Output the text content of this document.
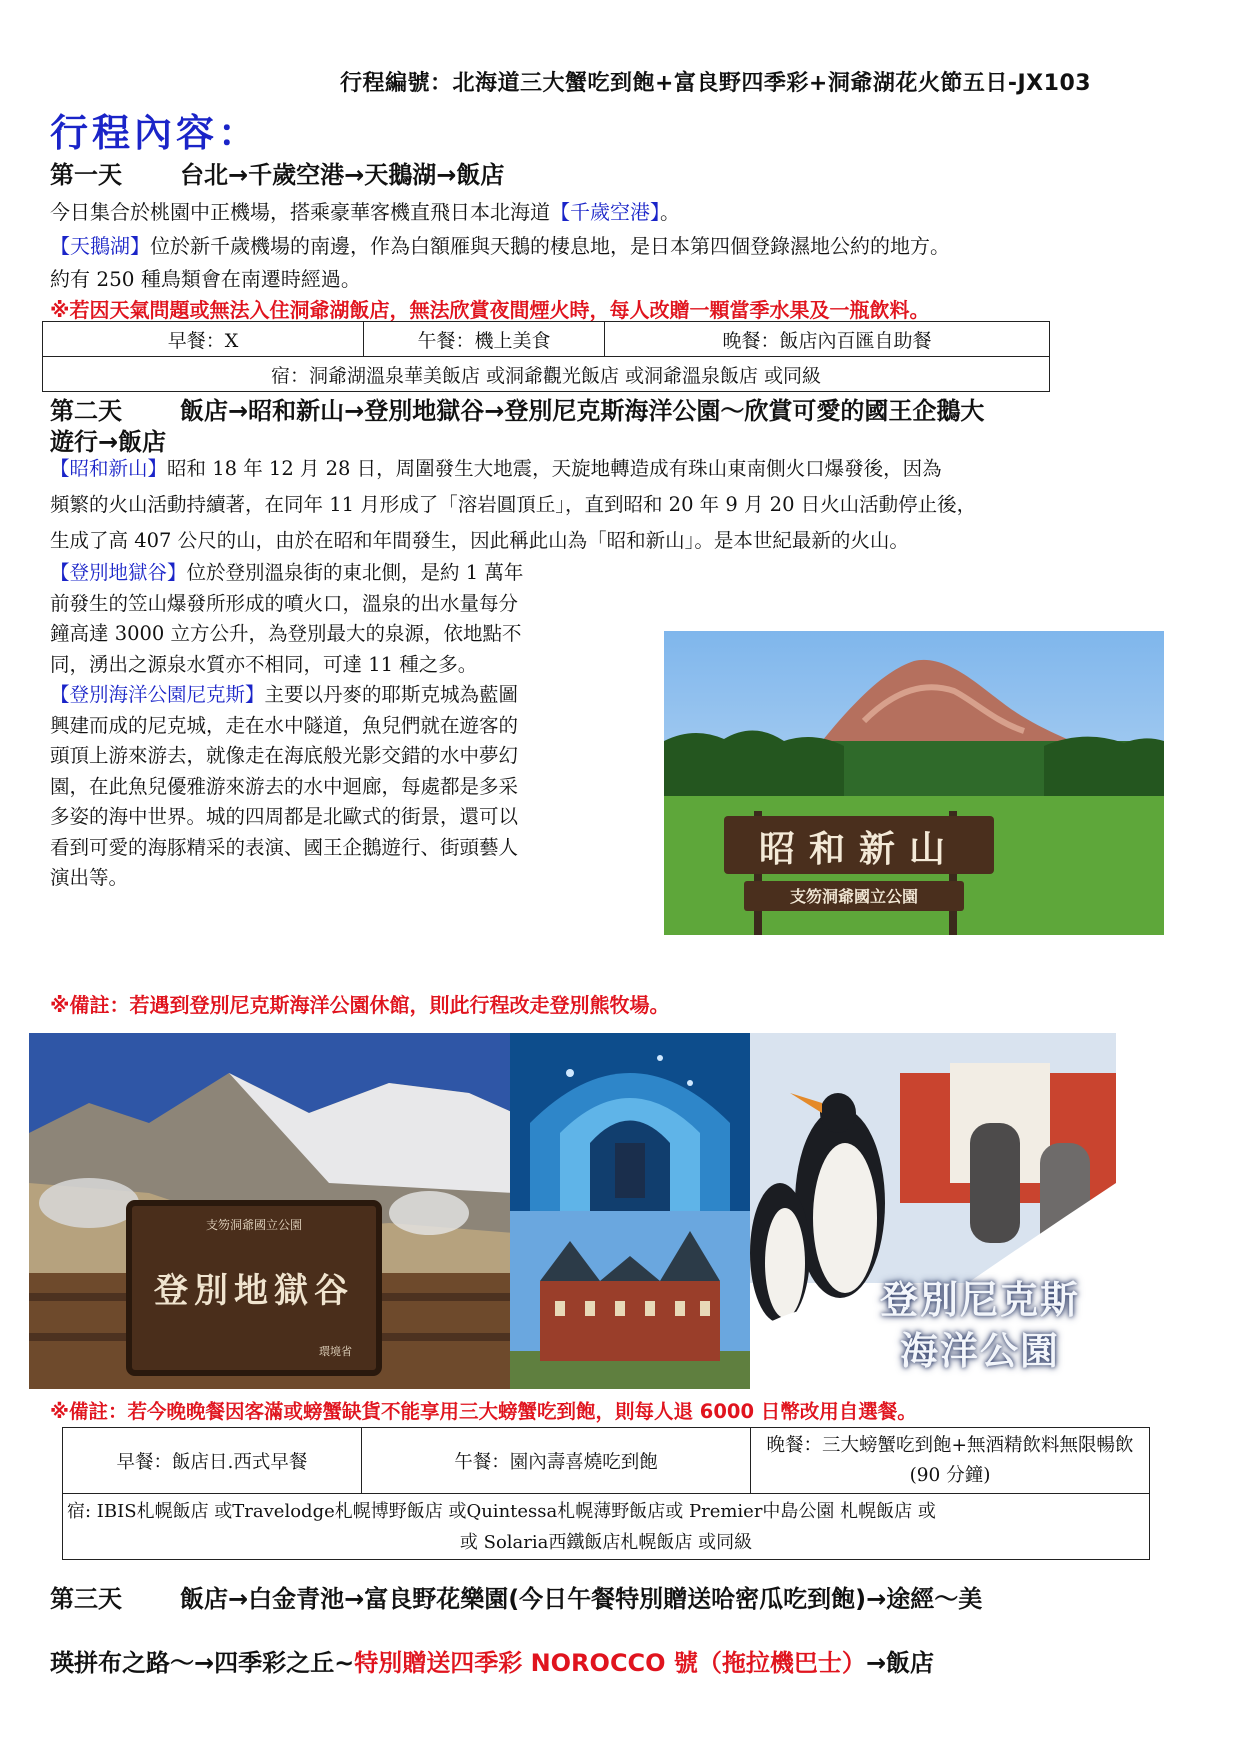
行程編號：北海道三大蟹吃到飽+富良野四季彩+洞爺湖花火節五日-JX103
行程內容：
第一天 台北→千歲空港→天鵝湖→飯店
今日集合於桃園中正機場，搭乘豪華客機直飛日本北海道【千歲空港】。
【天鵝湖】位於新千歲機場的南邊，作為白額雁與天鵝的棲息地，是日本第四個登錄濕地公約的地方。
約有 250 種鳥類會在南遷時經過。
※若因天氣問題或無法入住洞爺湖飯店，無法欣賞夜間煙火時，每人改贈一顆當季水果及一瓶飲料。
早餐：X	午餐：機上美食	晚餐：飯店內百匯自助餐
宿：洞爺湖溫泉華美飯店 或洞爺觀光飯店 或洞爺溫泉飯店 或同級
第二天 飯店→昭和新山→登別地獄谷→登別尼克斯海洋公園～欣賞可愛的國王企鵝大
遊行→飯店
【昭和新山】昭和 18 年 12 月 28 日，周圍發生大地震，天旋地轉造成有珠山東南側火口爆發後，因為
頻繁的火山活動持續著，在同年 11 月形成了「溶岩圓頂丘」，直到昭和 20 年 9 月 20 日火山活動停止後，
生成了高 407 公尺的山，由於在昭和年間發生，因此稱此山為「昭和新山」。是本世紀最新的火山。
【登別地獄谷】位於登別溫泉街的東北側，是約 1 萬年
前發生的笠山爆發所形成的噴火口，溫泉的出水量每分
鐘高達 3000 立方公升，為登別最大的泉源，依地點不
同，湧出之源泉水質亦不相同，可達 11 種之多。
【登別海洋公園尼克斯】主要以丹麥的耶斯克城為藍圖
興建而成的尼克城，走在水中隧道，魚兒們就在遊客的
頭頂上游來游去，就像走在海底般光影交錯的水中夢幻
園，在此魚兒優雅游來游去的水中迴廊，每處都是多采
多姿的海中世界。城的四周都是北歐式的街景，還可以
看到可愛的海豚精采的表演、國王企鵝遊行、街頭藝人
演出等。
昭和新山
支笏洞爺國立公園
※備註：若遇到登別尼克斯海洋公園休館，則此行程改走登別熊牧場。
支笏洞爺國立公園
登別地獄谷
環境省
登別尼克斯
海洋公園
※備註：若今晚晚餐因客滿或螃蟹缺貨不能享用三大螃蟹吃到飽，則每人退 6000 日幣改用自選餐。
早餐：飯店日.西式早餐	午餐：園內壽喜燒吃到飽	
晚餐：三大螃蟹吃到飽+無酒精飲料無限暢飲
(90 分鐘)

宿: IBIS札幌飯店 或Travelodge札幌博野飯店 或Quintessa札幌薄野飯店或 Premier中島公園 札幌飯店 或
或 Solaria西鐵飯店札幌飯店 或同級
第三天 飯店→白金青池→富良野花樂園(今日午餐特別贈送哈密瓜吃到飽)→途經～美
瑛拼布之路～→四季彩之丘~特別贈送四季彩 NOROCCO 號（拖拉機巴士）→飯店
